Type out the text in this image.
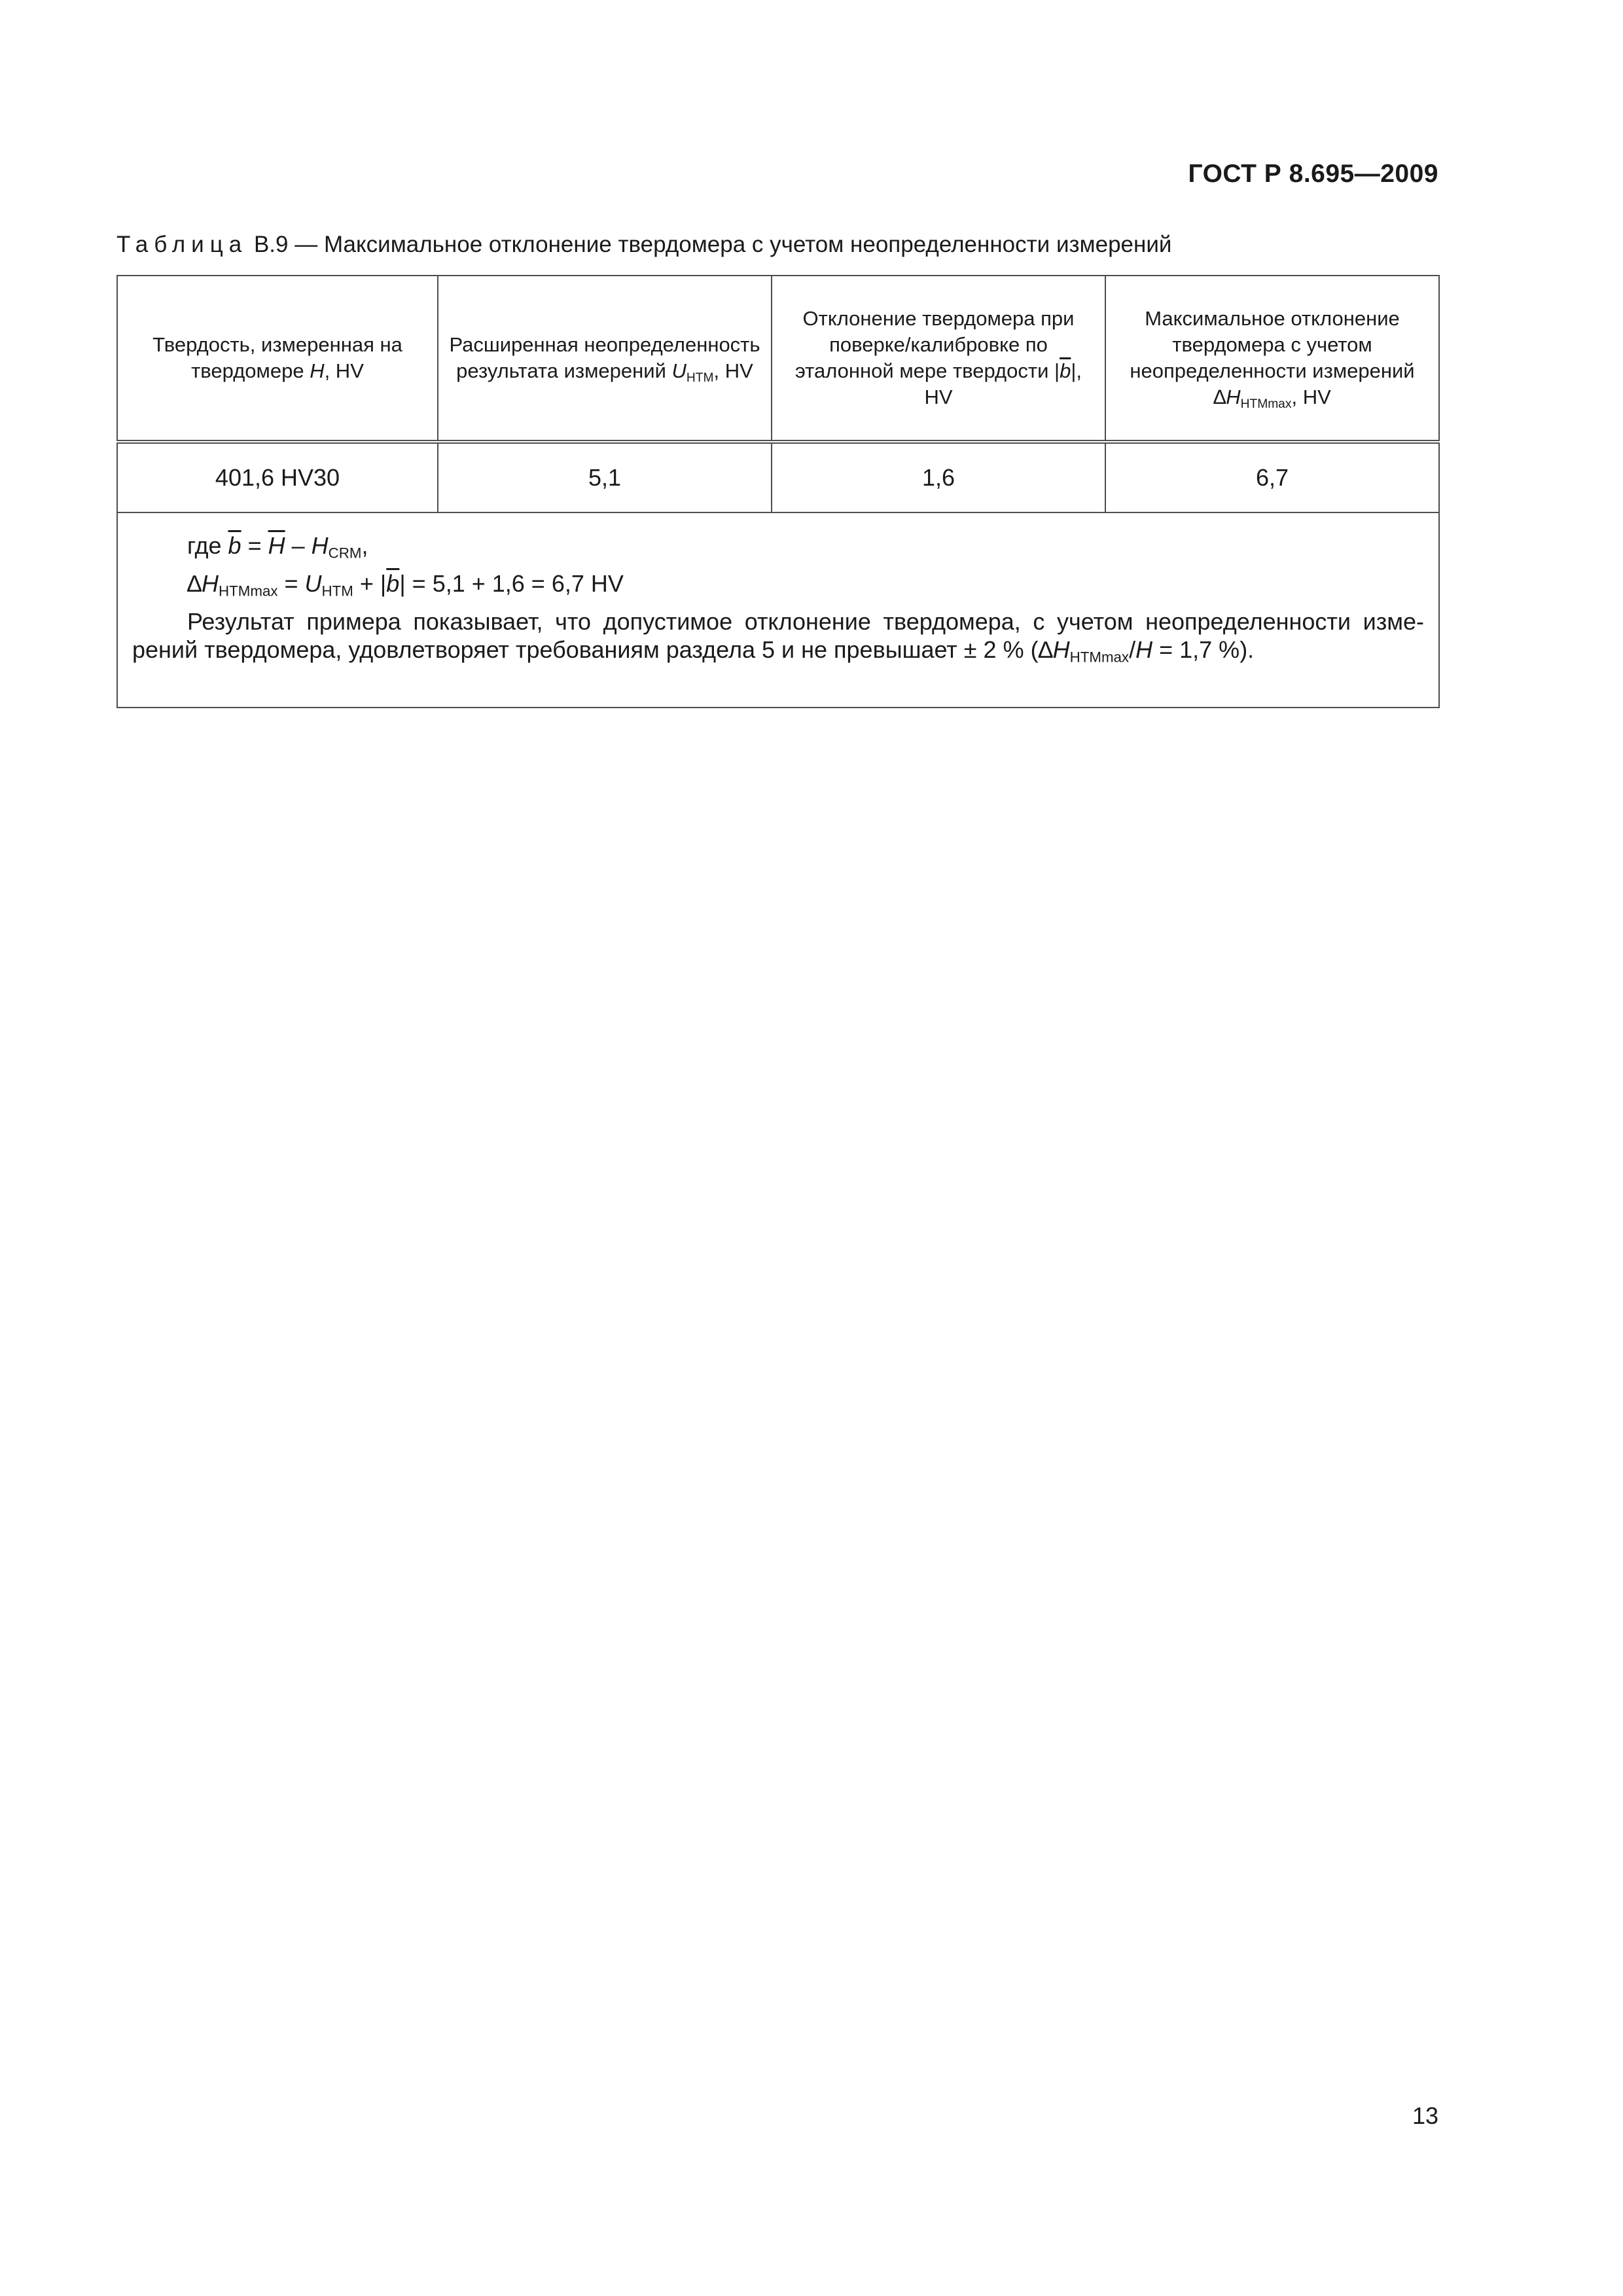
ГОСТ Р 8.695—2009
Таблица В.9 — Максимальное отклонение твердомера с учетом неопределенности измерений
Твердость, измеренная на твердомере H, HV	Расширенная неопределенность результата измерений $U_{HTM}$, HV	Отклонение твердомера при поверке/калибровке по эталонной мере твердости $|\overline{b}|$, HV	Максимальное отклонение твердомера с учетом неопределенности измерений $\Delta H_{HTMmax}$, HV
401,6 HV30	5,1	1,6	6,7

где $\overline{b} = \overline{H} - H_{CRM}$,
$\Delta H_{HTMmax} = U_{HTM} + |\overline{b}| = 5,1 + 1,6 = 6,7$ HV
Результат примера показывает, что допустимое отклонение твердомера, с учетом неопределенности измерений твердомера, удовлетворяет требованиям раздела 5 и не превышает ± 2 % ($\Delta H_{HTMmax}/H = 1,7$ %).			
13
